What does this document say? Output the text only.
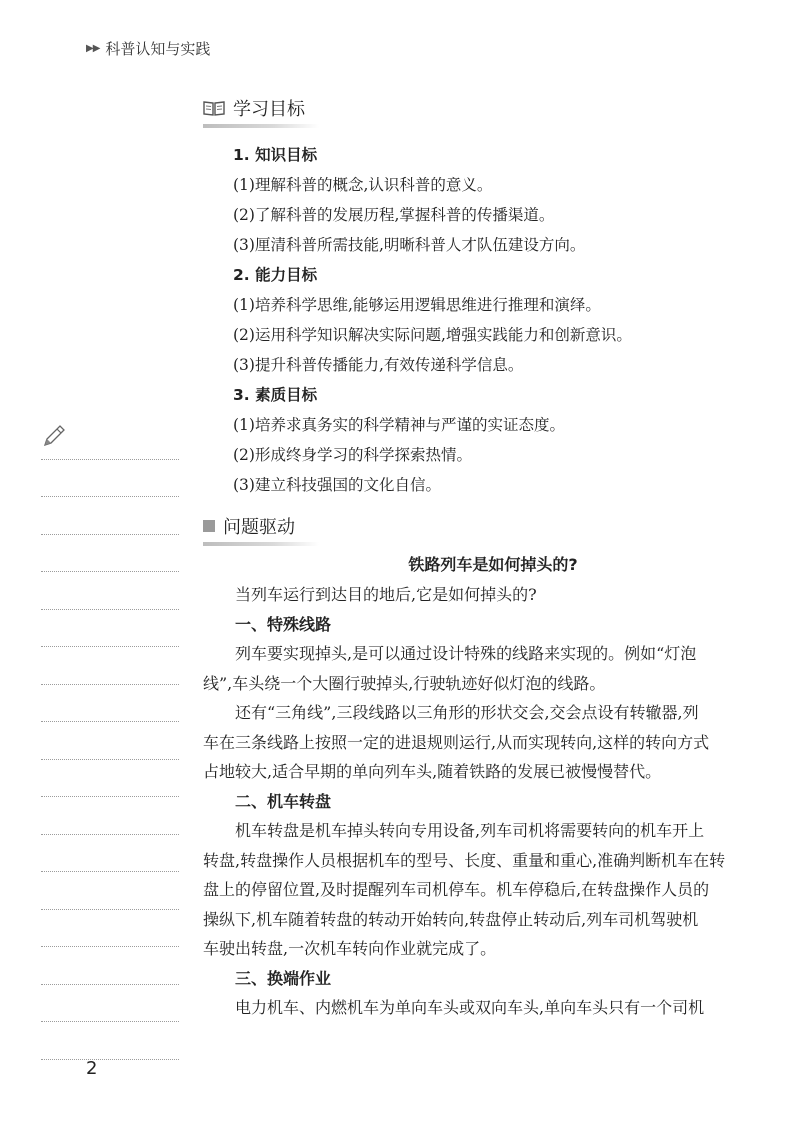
▶▶ 科普认知与实践
学习目标
1. 知识目标
(1)理解科普的概念,认识科普的意义。
(2)了解科普的发展历程,掌握科普的传播渠道。
(3)厘清科普所需技能,明晰科普人才队伍建设方向。
2. 能力目标
(1)培养科学思维,能够运用逻辑思维进行推理和演绎。
(2)运用科学知识解决实际问题,增强实践能力和创新意识。
(3)提升科普传播能力,有效传递科学信息。
3. 素质目标
(1)培养求真务实的科学精神与严谨的实证态度。
(2)形成终身学习的科学探索热情。
(3)建立科技强国的文化自信。
问题驱动
铁路列车是如何掉头的?
当列车运行到达目的地后,它是如何掉头的?
一、特殊线路
列车要实现掉头,是可以通过设计特殊的线路来实现的。例如“灯泡
线”,车头绕一个大圈行驶掉头,行驶轨迹好似灯泡的线路。
还有“三角线”,三段线路以三角形的形状交会,交会点设有转辙器,列
车在三条线路上按照一定的进退规则运行,从而实现转向,这样的转向方式
占地较大,适合早期的单向列车头,随着铁路的发展已被慢慢替代。
二、机车转盘
机车转盘是机车掉头转向专用设备,列车司机将需要转向的机车开上
转盘,转盘操作人员根据机车的型号、长度、重量和重心,准确判断机车在转
盘上的停留位置,及时提醒列车司机停车。机车停稳后,在转盘操作人员的
操纵下,机车随着转盘的转动开始转向,转盘停止转动后,列车司机驾驶机
车驶出转盘,一次机车转向作业就完成了。
三、换端作业
电力机车、内燃机车为单向车头或双向车头,单向车头只有一个司机
2
